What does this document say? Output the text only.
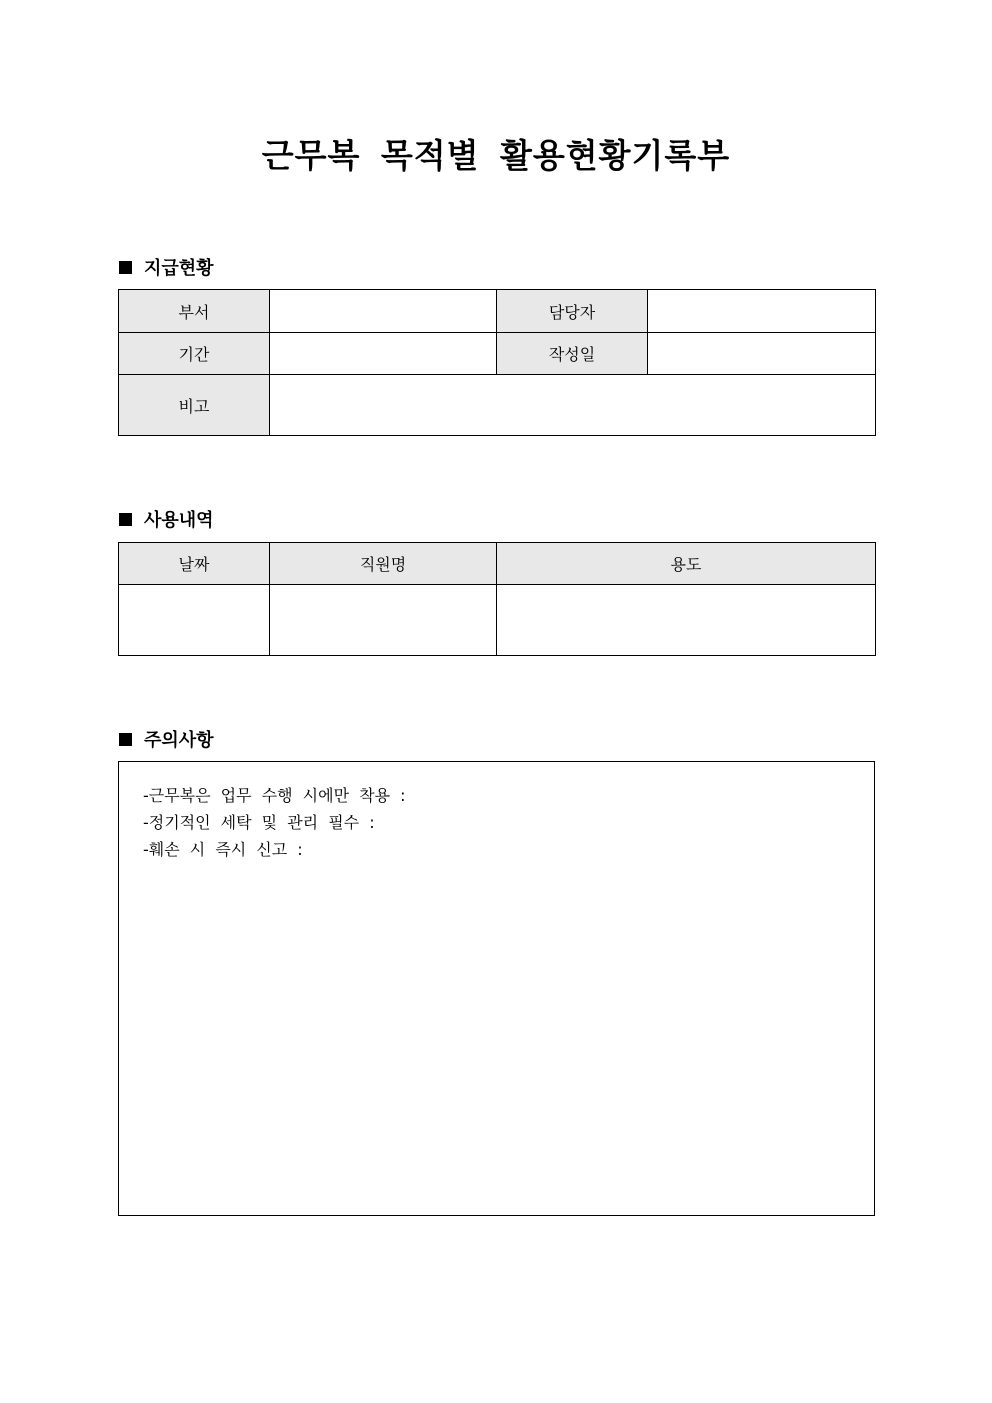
근무복 목적별 활용현황기록부
지급현황
부서		담당자	
기간		작성일	
비고			
사용내역
날짜	직원명	용도

주의사항
-근무복은 업무 수행 시에만 착용 :
-정기적인 세탁 및 관리 필수 :
-훼손 시 즉시 신고 :
